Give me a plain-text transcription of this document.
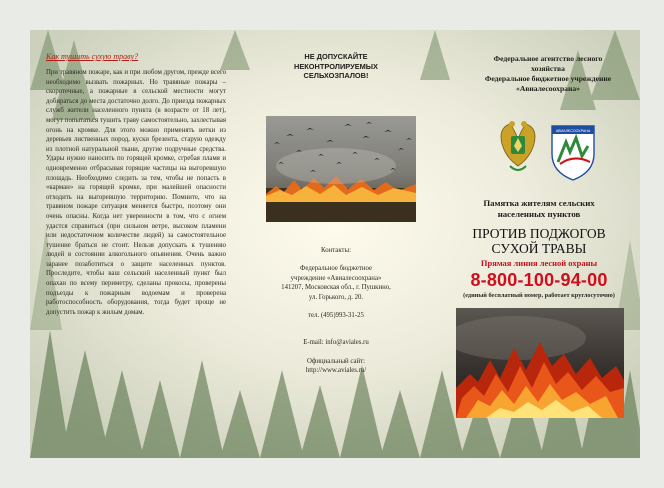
Как тушить сухую траву?
При травяном пожаре, как и при любом другом, прежде всего необходимо вызвать пожарных. Но травяные пожары – скоротечные, а пожарные в сельской местности могут добираться до места достаточно долго. До приезда пожарных служб жители населенного пункта (в возрасте от 18 лет), могут попытаться тушить траву самостоятельно, захлестывая огонь на кромке. Для этого можно применять ветки из деревьев лиственных пород, куски брезента, старую одежду из плотной натуральной ткани, другие подручные средства. Удары нужно наносить по горящей кромке, сгребая пламя и одновременно отбрасывая горящие частицы на выгоревшую площадь. Необходимо следить за тем, чтобы не попасть в «карман» на горящей кромке, при малейшей опасности отходить на выгоревшую территорию. Помните, что на травяном пожаре ситуация меняется быстро, поэтому они очень опасны. Когда нет уверенности в том, что с огнем удастся справиться (при сильном ветре, высоком пламени или недостаточном количестве людей) за самостоятельное тушение браться не стоит. Нельзя допускать к тушению людей в состоянии алкогольного опьянения. Очень важно заранее позаботиться о защите населенных пунктов. Проследите, чтобы ваш сельский населенный пункт был опахан по всему периметру, сделаны прокосы, проверены подъезды к пожарным водоемам и проверена работоспособность оборудования, тогда будет проще не допустить пожар к жилым домам.
НЕ ДОПУСКАЙТЕ
НЕКОНТРОЛИРУЕМЫХ
СЕЛЬХОЗПАЛОВ!
Контакты:
Федеральное бюджетное
учреждение «Авиалесоохрана»
141207, Московская обл., г. Пушкино,
ул. Горького, д. 20.
тел. (495)993-31-25
E-mail: info@aviales.ru
Официальный сайт:
http://www.aviales.ru/
Федеральное агентство лесного
хозяйства
Федеральное бюджетное учреждение
«Авиалесоохрана»
АВИАЛЕСООХРАНА
Памятка жителям сельских
населенных пунктов
ПРОТИВ ПОДЖОГОВ
СУХОЙ ТРАВЫ
Прямая линия лесной охраны
8-800-100-94-00
(единый бесплатный номер, работает круглосуточно)
